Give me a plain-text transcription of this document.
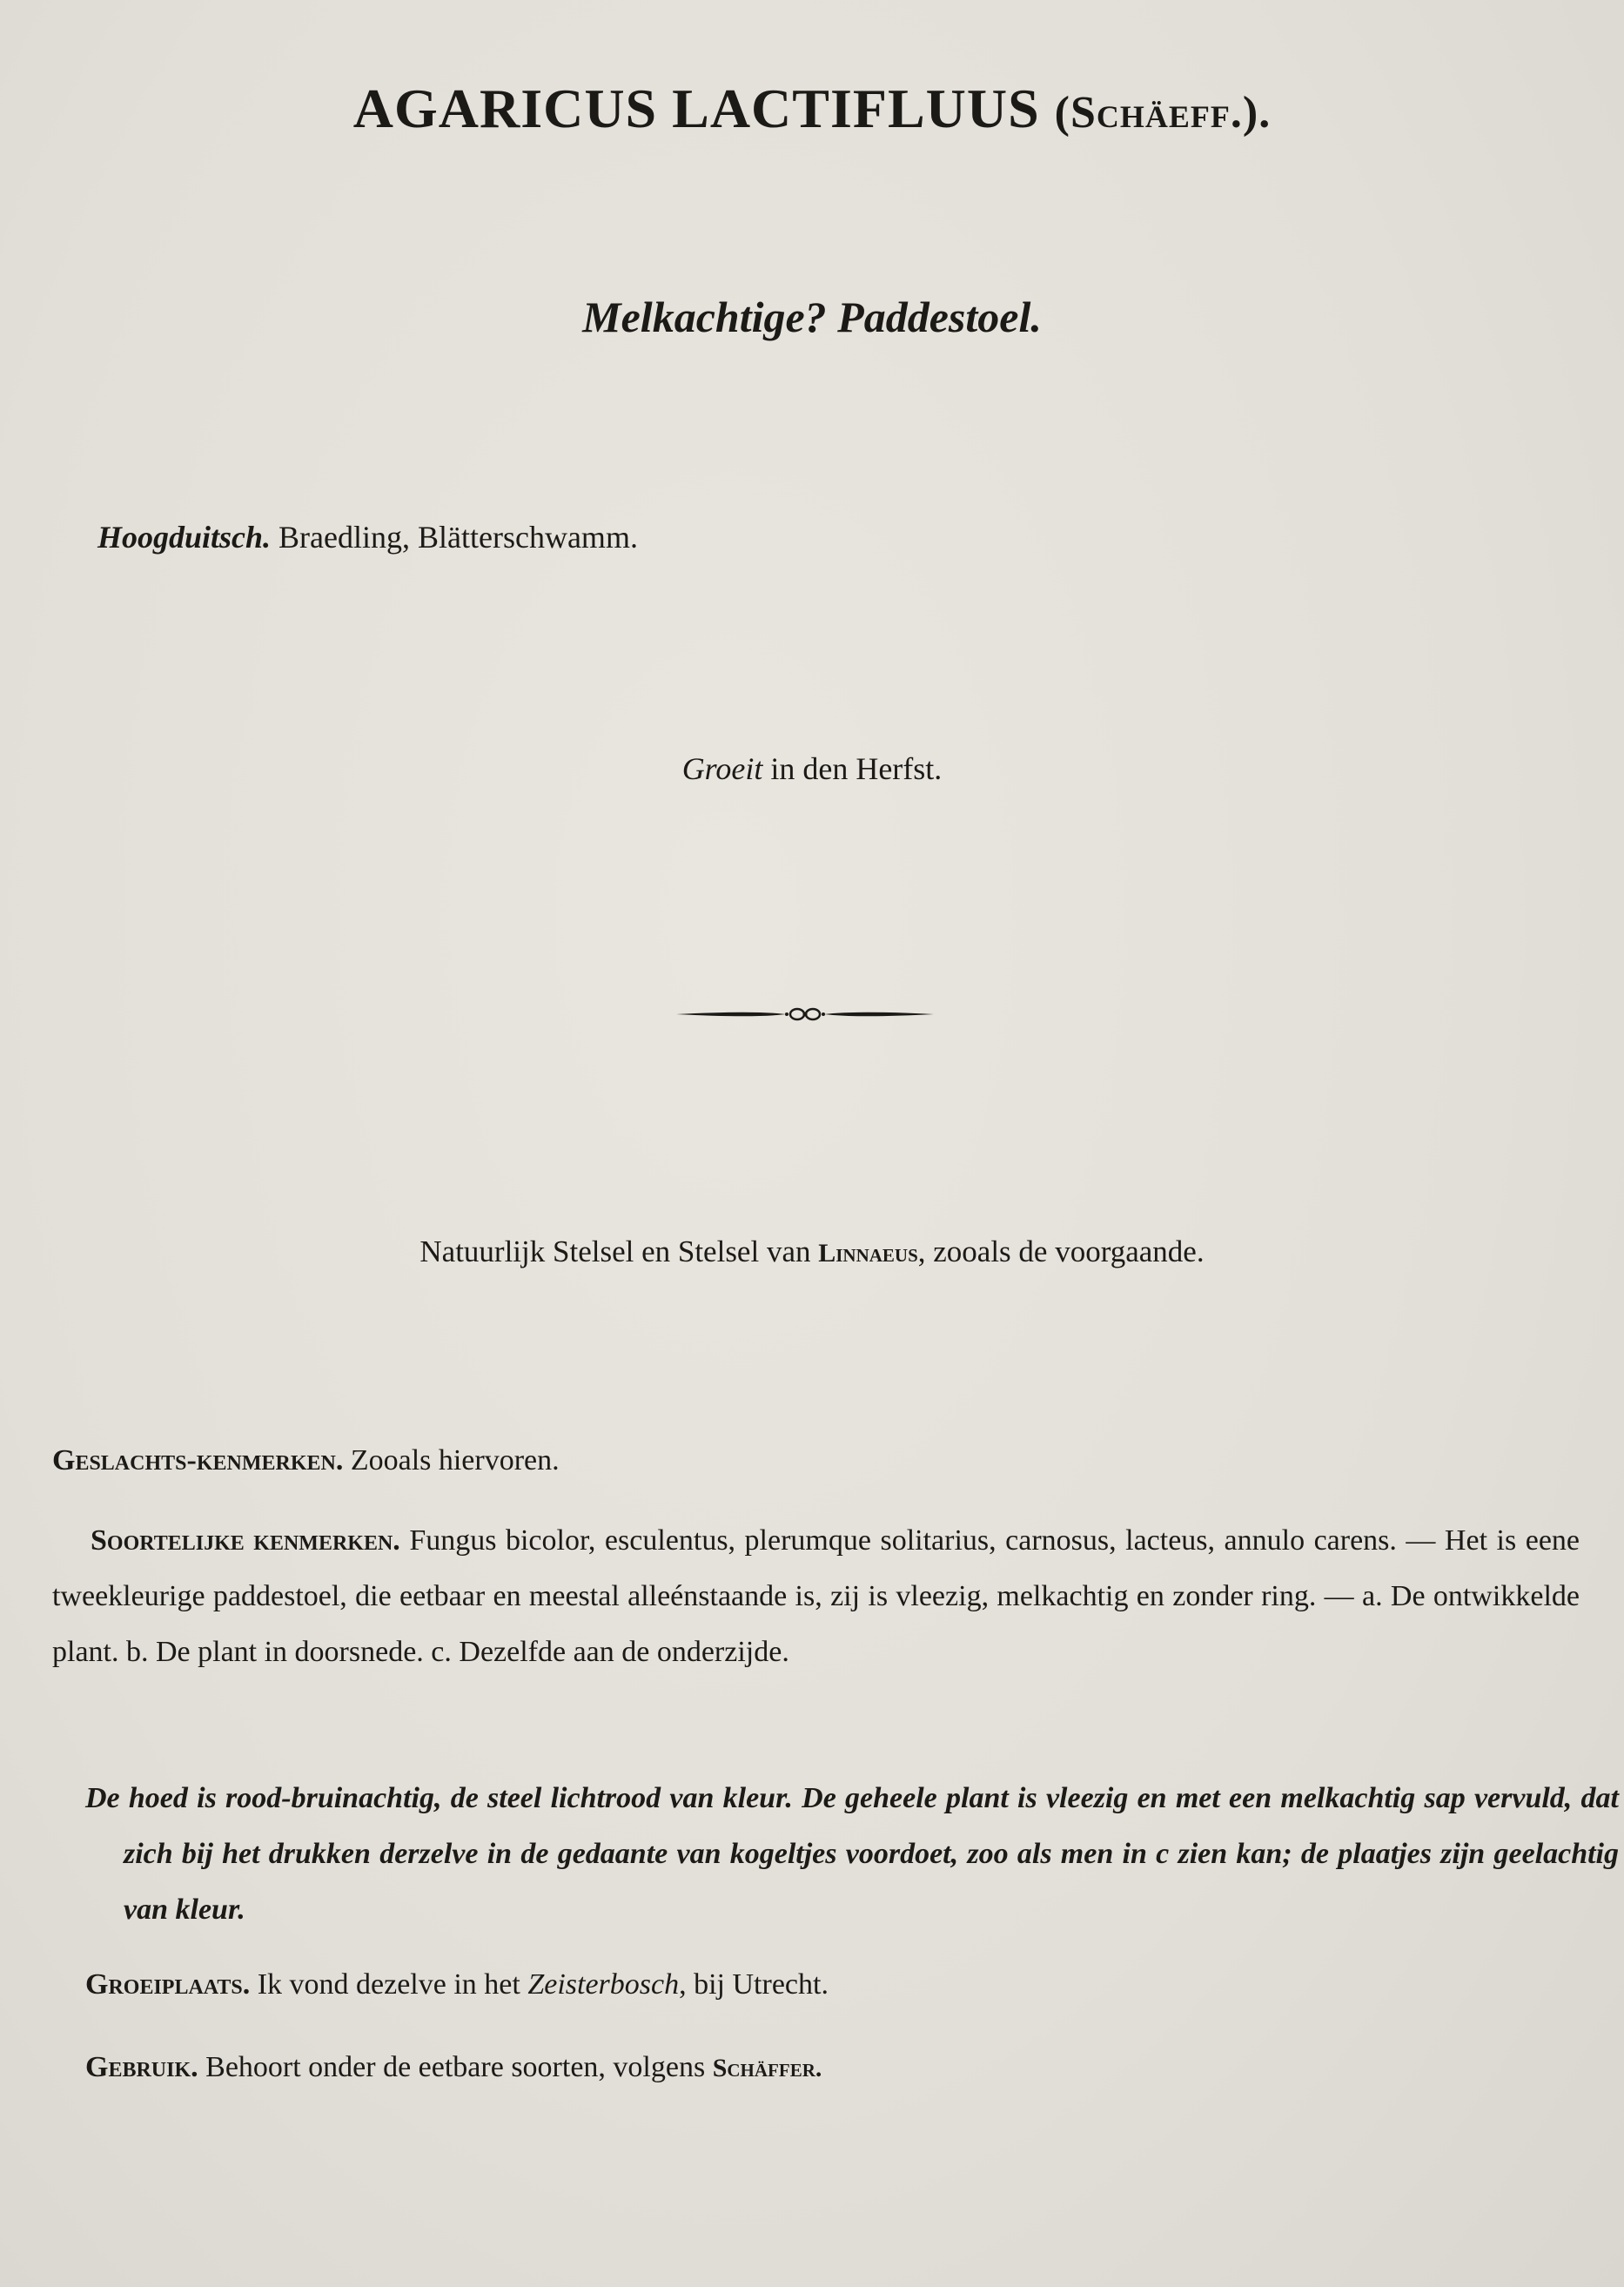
AGARICUS LACTIFLUUS (Schäeff.).
Melkachtige? Paddestoel.
Hoogduitsch. Braedling, Blätterschwamm.
Groeit in den Herfst.
Natuurlijk Stelsel en Stelsel van Linnaeus, zooals de voorgaande.
Geslachts-kenmerken. Zooals hiervoren.
Soortelijke kenmerken. Fungus bicolor, esculentus, plerumque solitarius, carnosus, lacteus, annulo carens. — Het is eene tweekleurige paddestoel, die eetbaar en meestal alleénstaande is, zij is vleezig, melkachtig en zonder ring. — a. De ontwikkelde plant. b. De plant in doorsnede. c. Dezelfde aan de onderzijde.
De hoed is rood-bruinachtig, de steel lichtrood van kleur. De geheele plant is vleezig en met een melkachtig sap vervuld, dat zich bij het drukken derzelve in de gedaante van kogeltjes voordoet, zoo als men in c zien kan; de plaatjes zijn geelachtig van kleur.
Groeiplaats. Ik vond dezelve in het Zeisterbosch, bij Utrecht.
Gebruik. Behoort onder de eetbare soorten, volgens Schäffer.
